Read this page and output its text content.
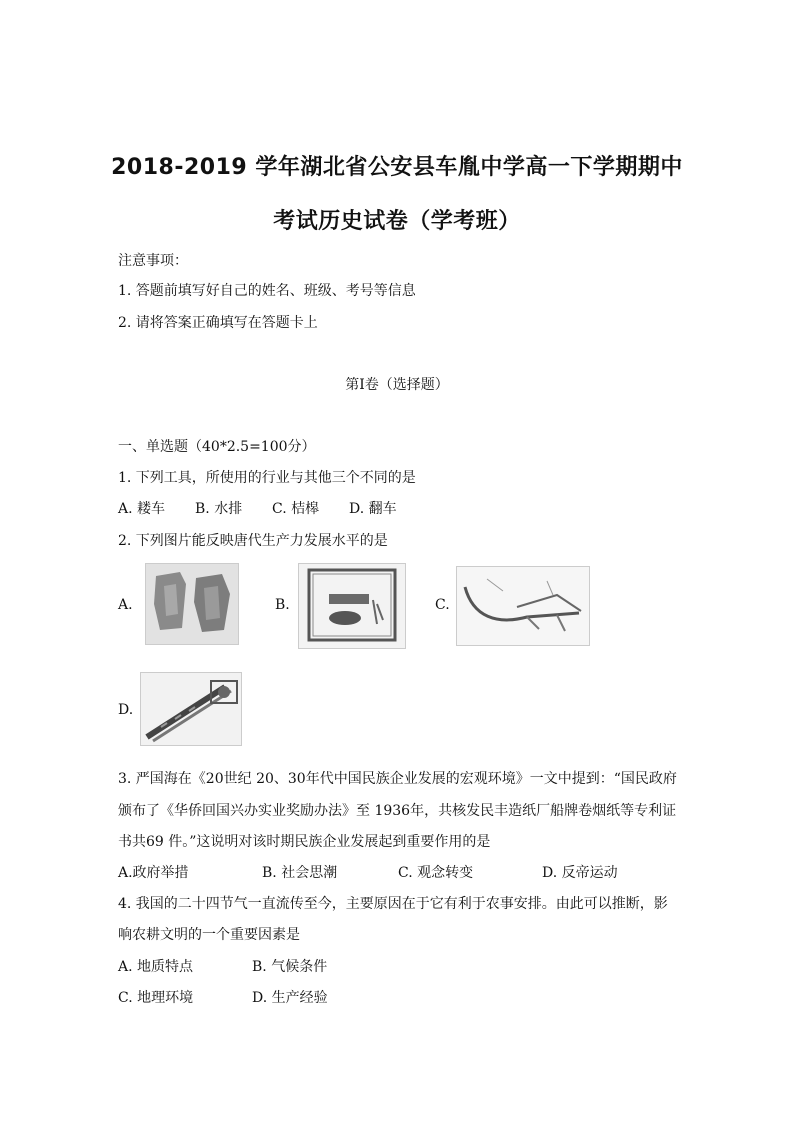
2018-2019 学年湖北省公安县车胤中学高一下学期期中
考试历史试卷（学考班）
注意事项：
1. 答题前填写好自己的姓名、班级、考号等信息
2. 请将答案正确填写在答题卡上
第I卷（选择题）
一、单选题（40*2.5=100分）
1. 下列工具，所使用的行业与其他三个不同的是
A. 耧车 B. 水排 C. 桔槔 D. 翻车
2. 下列图片能反映唐代生产力发展水平的是
A.	B.	C.
D.
3. 严国海在《20世纪 20、30年代中国民族企业发展的宏观环境》一文中提到：“国民政府
颁布了《华侨回国兴办实业奖励办法》至 1936年，共核发民丰造纸厂船牌卷烟纸等专利证
书共69 件。”这说明对该时期民族企业发展起到重要作用的是
A.政府举措	B. 社会思潮	C. 观念转变	D. 反帝运动
4. 我国的二十四节气一直流传至今，主要原因在于它有利于农事安排。由此可以推断，影
响农耕文明的一个重要因素是
A. 地质特点	B. 气候条件
C. 地理环境	D. 生产经验
